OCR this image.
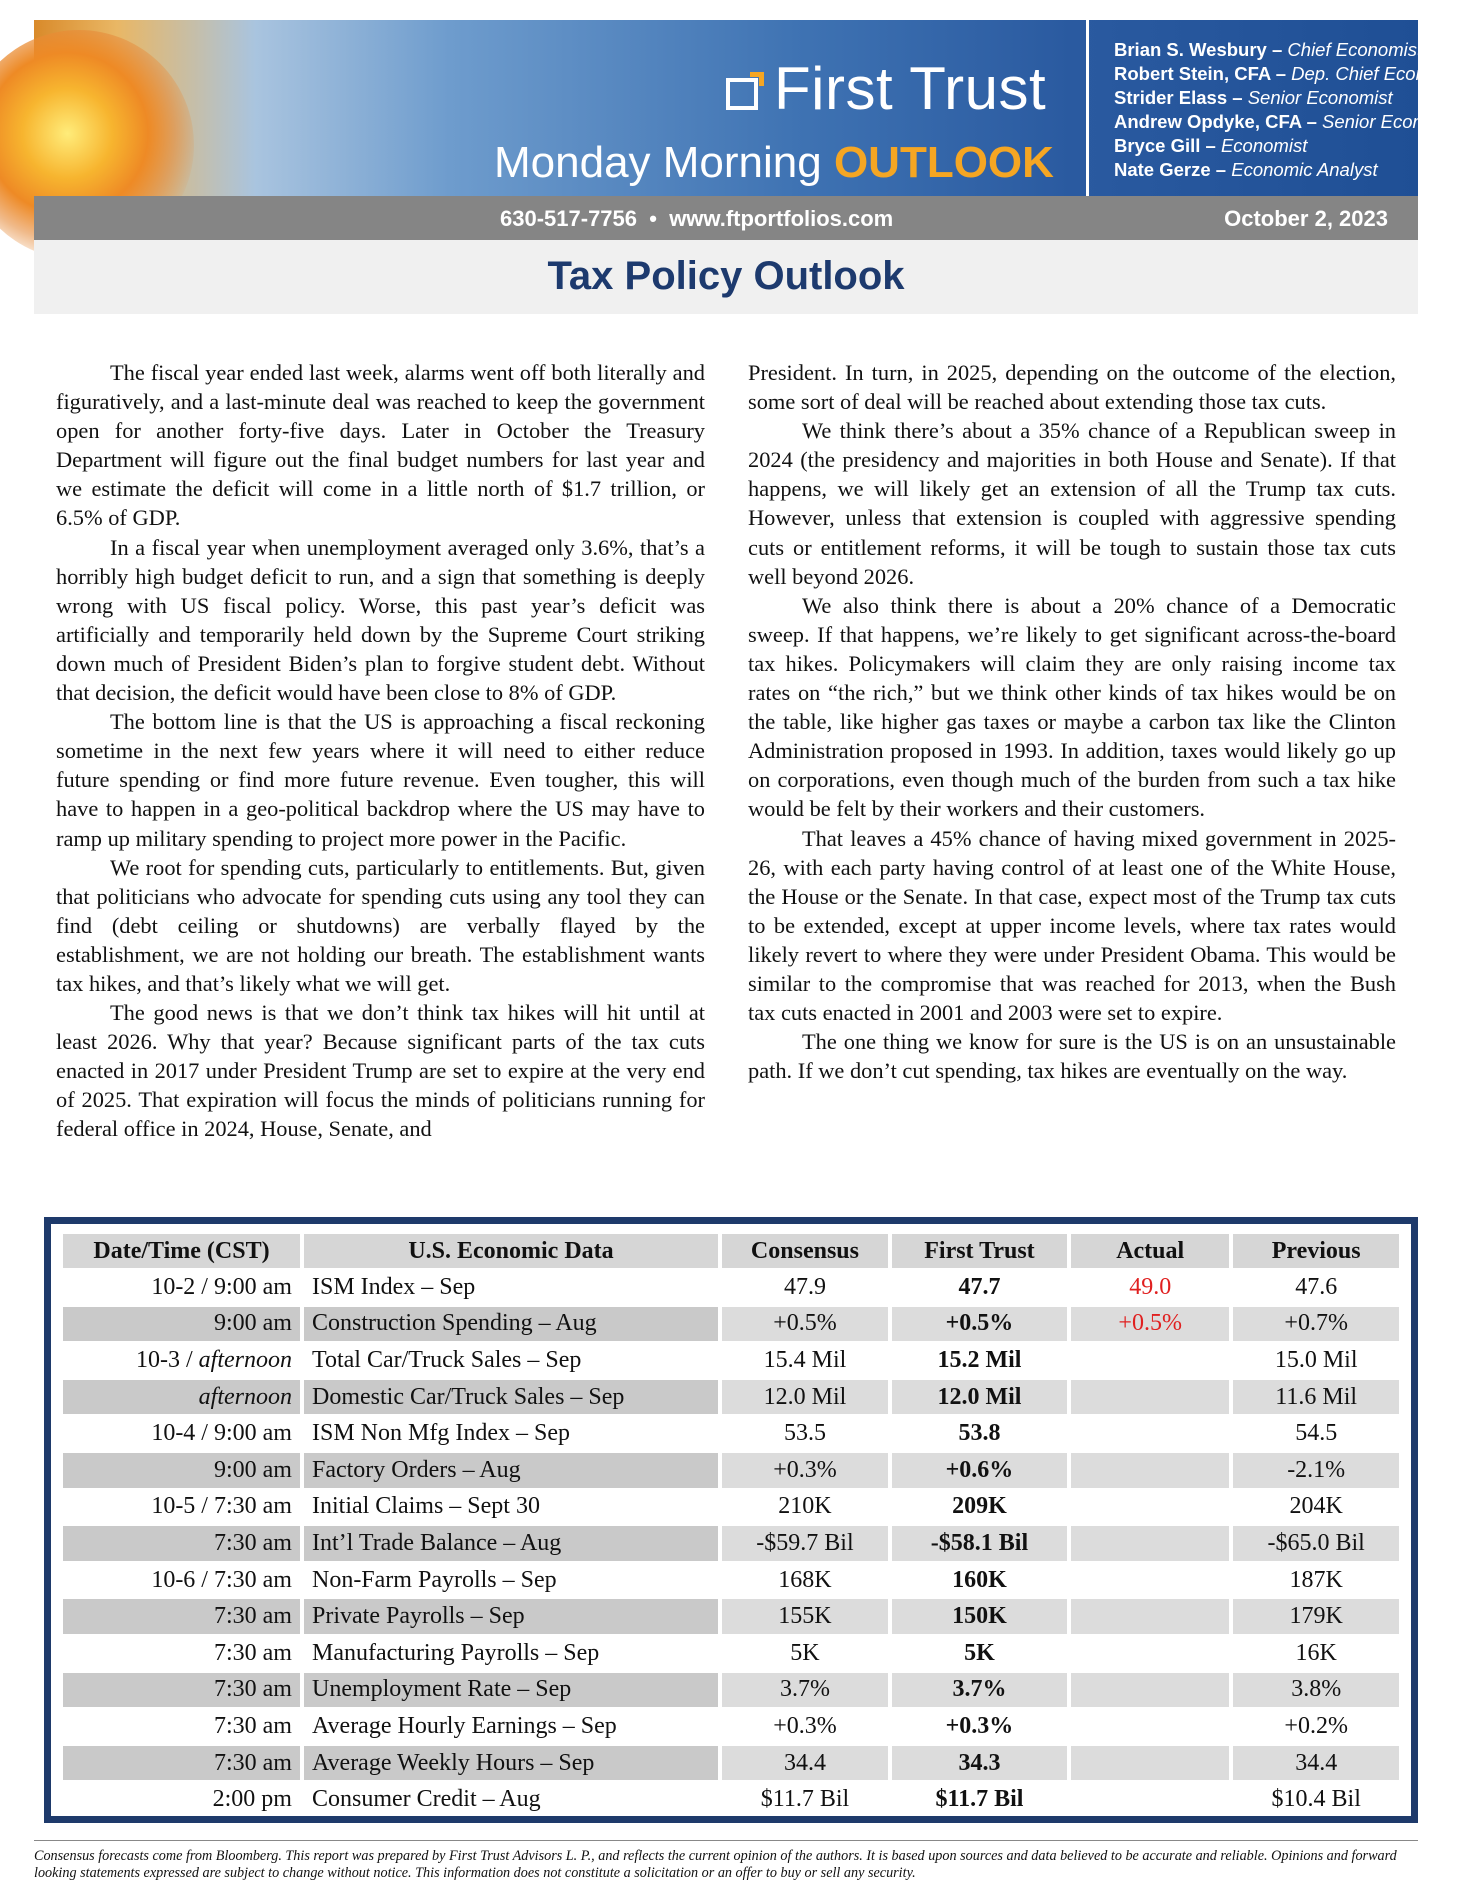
First Trust
Monday Morning OUTLOOK
Brian S. Wesbury – Chief Economist
Robert Stein, CFA – Dep. Chief Economist
Strider Elass – Senior Economist
Andrew Opdyke, CFA – Senior Economist
Bryce Gill – Economist
Nate Gerze – Economic Analyst
630-517-7756 • www.ftportfolios.com	October 2, 2023
Tax Policy Outlook

The fiscal year ended last week, alarms went off both literally and figuratively, and a last-minute deal was reached to keep the government open for another forty-five days. Later in October the Treasury Department will figure out the final budget numbers for last year and we estimate the deficit will come in a little north of $1.7 trillion, or 6.5% of GDP.

In a fiscal year when unemployment averaged only 3.6%, that’s a horribly high budget deficit to run, and a sign that something is deeply wrong with US fiscal policy. Worse, this past year’s deficit was artificially and temporarily held down by the Supreme Court striking down much of President Biden’s plan to forgive student debt. Without that decision, the deficit would have been close to 8% of GDP.

The bottom line is that the US is approaching a fiscal reckoning sometime in the next few years where it will need to either reduce future spending or find more future revenue. Even tougher, this will have to happen in a geo-political backdrop where the US may have to ramp up military spending to project more power in the Pacific.

We root for spending cuts, particularly to entitlements. But, given that politicians who advocate for spending cuts using any tool they can find (debt ceiling or shutdowns) are verbally flayed by the establishment, we are not holding our breath. The establishment wants tax hikes, and that’s likely what we will get.

The good news is that we don’t think tax hikes will hit until at least 2026. Why that year? Because significant parts of the tax cuts enacted in 2017 under President Trump are set to expire at the very end of 2025. That expiration will focus the minds of politicians running for federal office in 2024, House, Senate, and

President. In turn, in 2025, depending on the outcome of the election, some sort of deal will be reached about extending those tax cuts.

We think there’s about a 35% chance of a Republican sweep in 2024 (the presidency and majorities in both House and Senate). If that happens, we will likely get an extension of all the Trump tax cuts. However, unless that extension is coupled with aggressive spending cuts or entitlement reforms, it will be tough to sustain those tax cuts well beyond 2026.

We also think there is about a 20% chance of a Democratic sweep. If that happens, we’re likely to get significant across-the-board tax hikes. Policymakers will claim they are only raising income tax rates on “the rich,” but we think other kinds of tax hikes would be on the table, like higher gas taxes or maybe a carbon tax like the Clinton Administration proposed in 1993. In addition, taxes would likely go up on corporations, even though much of the burden from such a tax hike would be felt by their workers and their customers.

That leaves a 45% chance of having mixed government in 2025-26, with each party having control of at least one of the White House, the House or the Senate. In that case, expect most of the Trump tax cuts to be extended, except at upper income levels, where tax rates would likely revert to where they were under President Obama. This would be similar to the compromise that was reached for 2013, when the Bush tax cuts enacted in 2001 and 2003 were set to expire.

The one thing we know for sure is the US is on an unsustainable path. If we don’t cut spending, tax hikes are eventually on the way.

Date/Time (CST)	U.S. Economic Data	Consensus	First Trust	Actual	Previous
10-2 / 9:00 am	ISM Index – Sep	47.9	47.7	49.0	47.6
9:00 am	Construction Spending – Aug	+0.5%	+0.5%	+0.5%	+0.7%
10-3 / afternoon	Total Car/Truck Sales – Sep	15.4 Mil	15.2 Mil		15.0 Mil
afternoon	Domestic Car/Truck Sales – Sep	12.0 Mil	12.0 Mil		11.6 Mil
10-4 / 9:00 am	ISM Non Mfg Index – Sep	53.5	53.8		54.5
9:00 am	Factory Orders – Aug	+0.3%	+0.6%		-2.1%
10-5 / 7:30 am	Initial Claims – Sept 30	210K	209K		204K
7:30 am	Int’l Trade Balance – Aug	-$59.7 Bil	-$58.1 Bil		-$65.0 Bil
10-6 / 7:30 am	Non-Farm Payrolls – Sep	168K	160K		187K
7:30 am	Private Payrolls – Sep	155K	150K		179K
7:30 am	Manufacturing Payrolls – Sep	5K	5K		16K
7:30 am	Unemployment Rate – Sep	3.7%	3.7%		3.8%
7:30 am	Average Hourly Earnings – Sep	+0.3%	+0.3%		+0.2%
7:30 am	Average Weekly Hours – Sep	34.4	34.3		34.4
2:00 pm	Consumer Credit – Aug	$11.7 Bil	$11.7 Bil		$10.4 Bil
Consensus forecasts come from Bloomberg. This report was prepared by First Trust Advisors L. P., and reflects the current opinion of the authors. It is based upon sources and data believed to be accurate and reliable. Opinions and forward looking statements expressed are subject to change without notice. This information does not constitute a solicitation or an offer to buy or sell any security.
